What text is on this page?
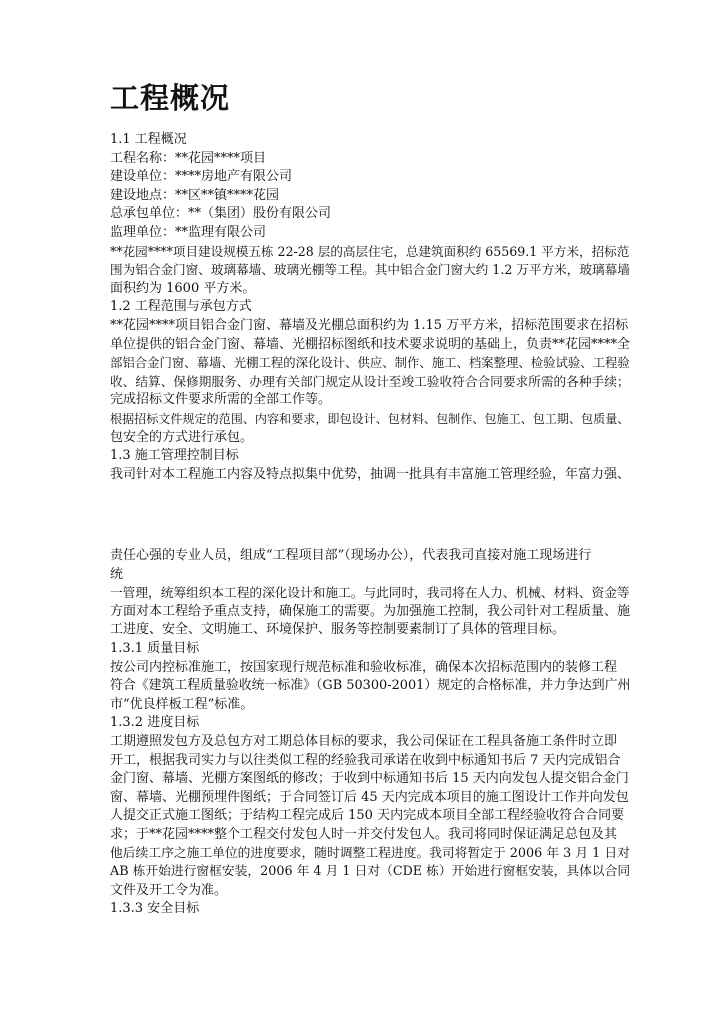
工程概况
1.1 工程概况
工程名称：**花园****项目
建设单位：****房地产有限公司
建设地点：**区**镇****花园
总承包单位：**（集团）股份有限公司
监理单位：**监理有限公司
**花园****项目建设规模五栋 22-28 层的高层住宅，总建筑面积约 65569.1 平方米，招标范
围为铝合金门窗、玻璃幕墙、玻璃光棚等工程。其中铝合金门窗大约 1.2 万平方米，玻璃幕墙
面积约为 1600 平方米。
1.2 工程范围与承包方式
**花园****项目铝合金门窗、幕墙及光棚总面积约为 1.15 万平方米，招标范围要求在招标
单位提供的铝合金门窗、幕墙、光棚招标图纸和技术要求说明的基础上，负责**花园****全
部铝合金门窗、幕墙、光棚工程的深化设计、供应、制作、施工、档案整理、检验试验、工程验
收、结算、保修期服务、办理有关部门规定从设计至竣工验收符合合同要求所需的各种手续；
完成招标文件要求所需的全部工作等。
根据招标文件规定的范围、内容和要求，即包设计、包材料、包制作、包施工、包工期、包质量、
包安全的方式进行承包。
1.3 施工管理控制目标
我司针对本工程施工内容及特点拟集中优势，抽调一批具有丰富施工管理经验，年富力强、
责任心强的专业人员，组成“工程项目部”（现场办公），代表我司直接对施工现场进行
统
一管理，统筹组织本工程的深化设计和施工。与此同时，我司将在人力、机械、材料、资金等
方面对本工程给予重点支持，确保施工的需要。为加强施工控制，我公司针对工程质量、施
工进度、安全、文明施工、环境保护、服务等控制要素制订了具体的管理目标。
1.3.1 质量目标
按公司内控标准施工，按国家现行规范标准和验收标准，确保本次招标范围内的装修工程
符合《建筑工程质量验收统一标准》（GB 50300-2001）规定的合格标准，并力争达到广州
市“优良样板工程”标准。
1.3.2 进度目标
工期遵照发包方及总包方对工期总体目标的要求，我公司保证在工程具备施工条件时立即
开工，根据我司实力与以往类似工程的经验我司承诺在收到中标通知书后 7 天内完成铝合
金门窗、幕墙、光棚方案图纸的修改；于收到中标通知书后 15 天内向发包人提交铝合金门
窗、幕墙、光棚预埋件图纸；于合同签订后 45 天内完成本项目的施工图设计工作并向发包
人提交正式施工图纸；于结构工程完成后 150 天内完成本项目全部工程经验收符合合同要
求；于**花园****整个工程交付发包人时一并交付发包人。我司将同时保证满足总包及其
他后续工序之施工单位的进度要求，随时调整工程进度。我司将暂定于 2006 年 3 月 1 日对
AB 栋开始进行窗框安装，2006 年 4 月 1 日对（CDE 栋）开始进行窗框安装，具体以合同
文件及开工令为准。
1.3.3 安全目标
